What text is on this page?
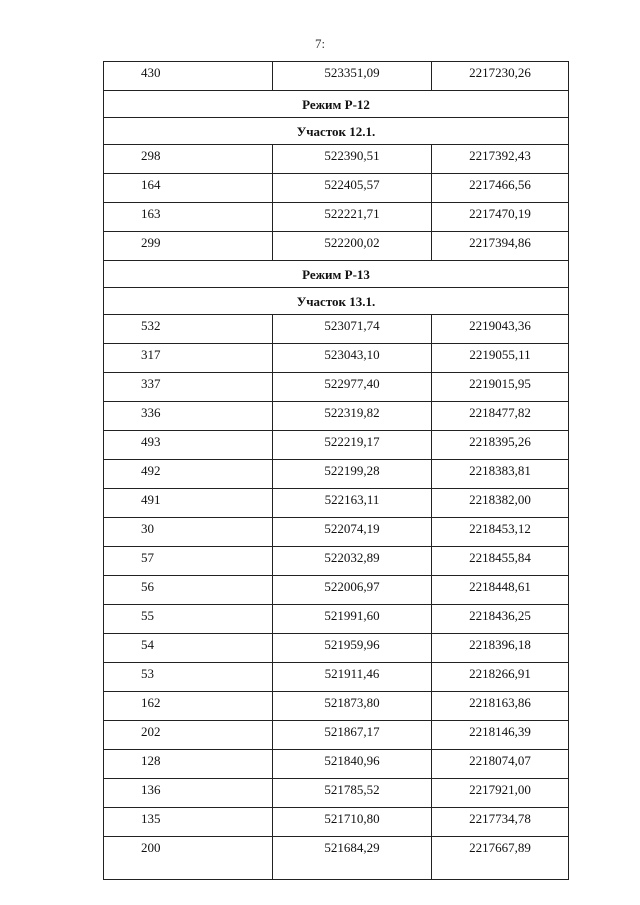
7:
430	523351,09	2217230,26
Режим Р-12		
Участок 12.1.		
298	522390,51	2217392,43
164	522405,57	2217466,56
163	522221,71	2217470,19
299	522200,02	2217394,86
Режим Р-13		
Участок 13.1.		
532	523071,74	2219043,36
317	523043,10	2219055,11
337	522977,40	2219015,95
336	522319,82	2218477,82
493	522219,17	2218395,26
492	522199,28	2218383,81
491	522163,11	2218382,00
30	522074,19	2218453,12
57	522032,89	2218455,84
56	522006,97	2218448,61
55	521991,60	2218436,25
54	521959,96	2218396,18
53	521911,46	2218266,91
162	521873,80	2218163,86
202	521867,17	2218146,39
128	521840,96	2218074,07
136	521785,52	2217921,00
135	521710,80	2217734,78
200	521684,29	2217667,89
